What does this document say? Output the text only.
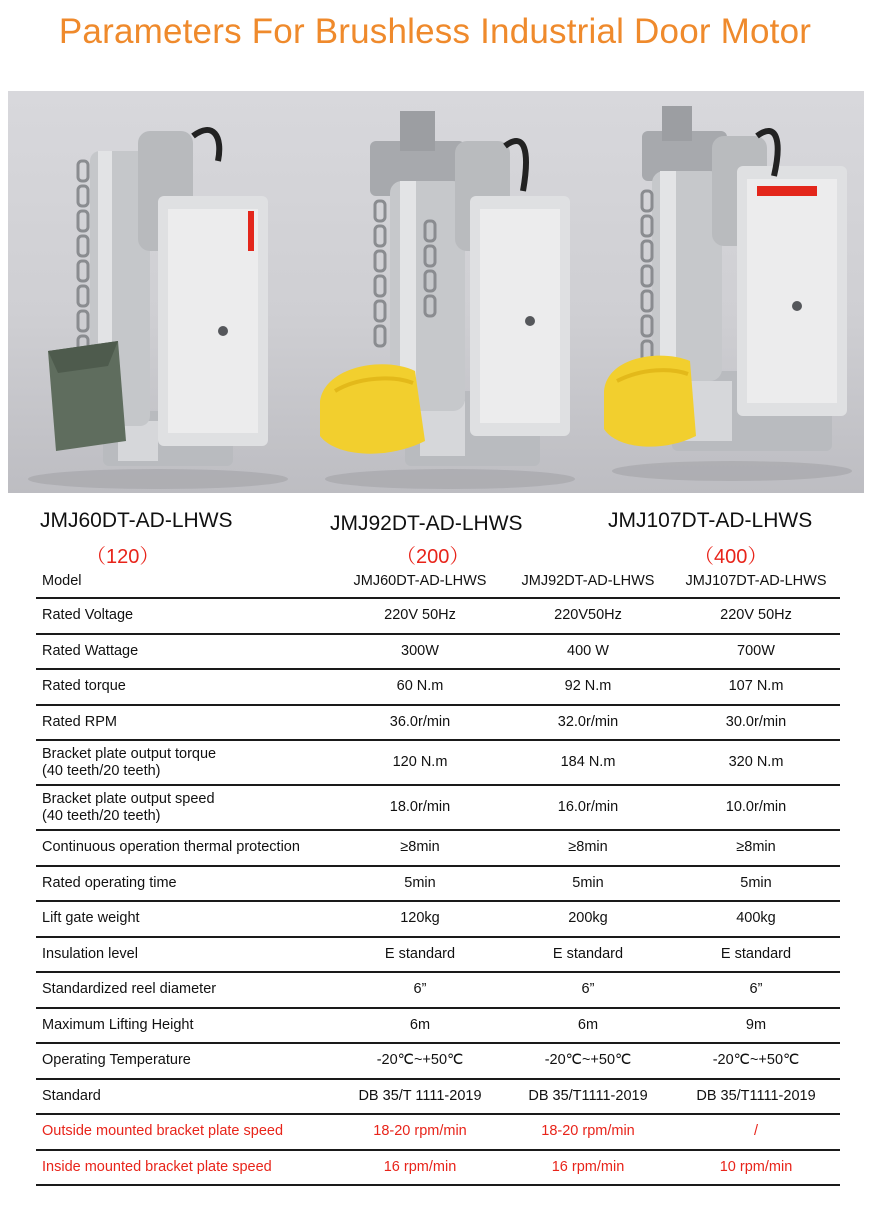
Parameters For Brushless Industrial Door Motor
JMJ60DT-AD-LHWS
（120）
JMJ92DT-AD-LHWS
（200）
JMJ107DT-AD-LHWS
（400）
Model	JMJ60DT-AD-LHWS	JMJ92DT-AD-LHWS	JMJ107DT-AD-LHWS
Rated Voltage	220V 50Hz	220V50Hz	220V 50Hz
Rated Wattage	300W	400 W	700W
Rated torque	60 N.m	92 N.m	107 N.m
Rated RPM	36.0r/min	32.0r/min	30.0r/min
Bracket plate output torque
(40 teeth/20 teeth)	120 N.m	184 N.m	320 N.m
Bracket plate output speed
(40 teeth/20 teeth)	18.0r/min	16.0r/min	10.0r/min
Continuous operation thermal protection	≥8min	≥8min	≥8min
Rated operating time	5min	5min	5min
Lift gate weight	120kg	200kg	400kg
Insulation level	E standard	E standard	E standard
Standardized reel diameter	6”	6”	6”
Maximum Lifting Height	6m	6m	9m
Operating Temperature	-20℃~+50℃	-20℃~+50℃	-20℃~+50℃
Standard	DB 35/T 1111-2019	DB 35/T1111-2019	DB 35/T1111-2019
Outside mounted bracket plate speed	18-20 rpm/min	18-20 rpm/min	/
Inside mounted bracket plate speed	16 rpm/min	16 rpm/min	10 rpm/min
